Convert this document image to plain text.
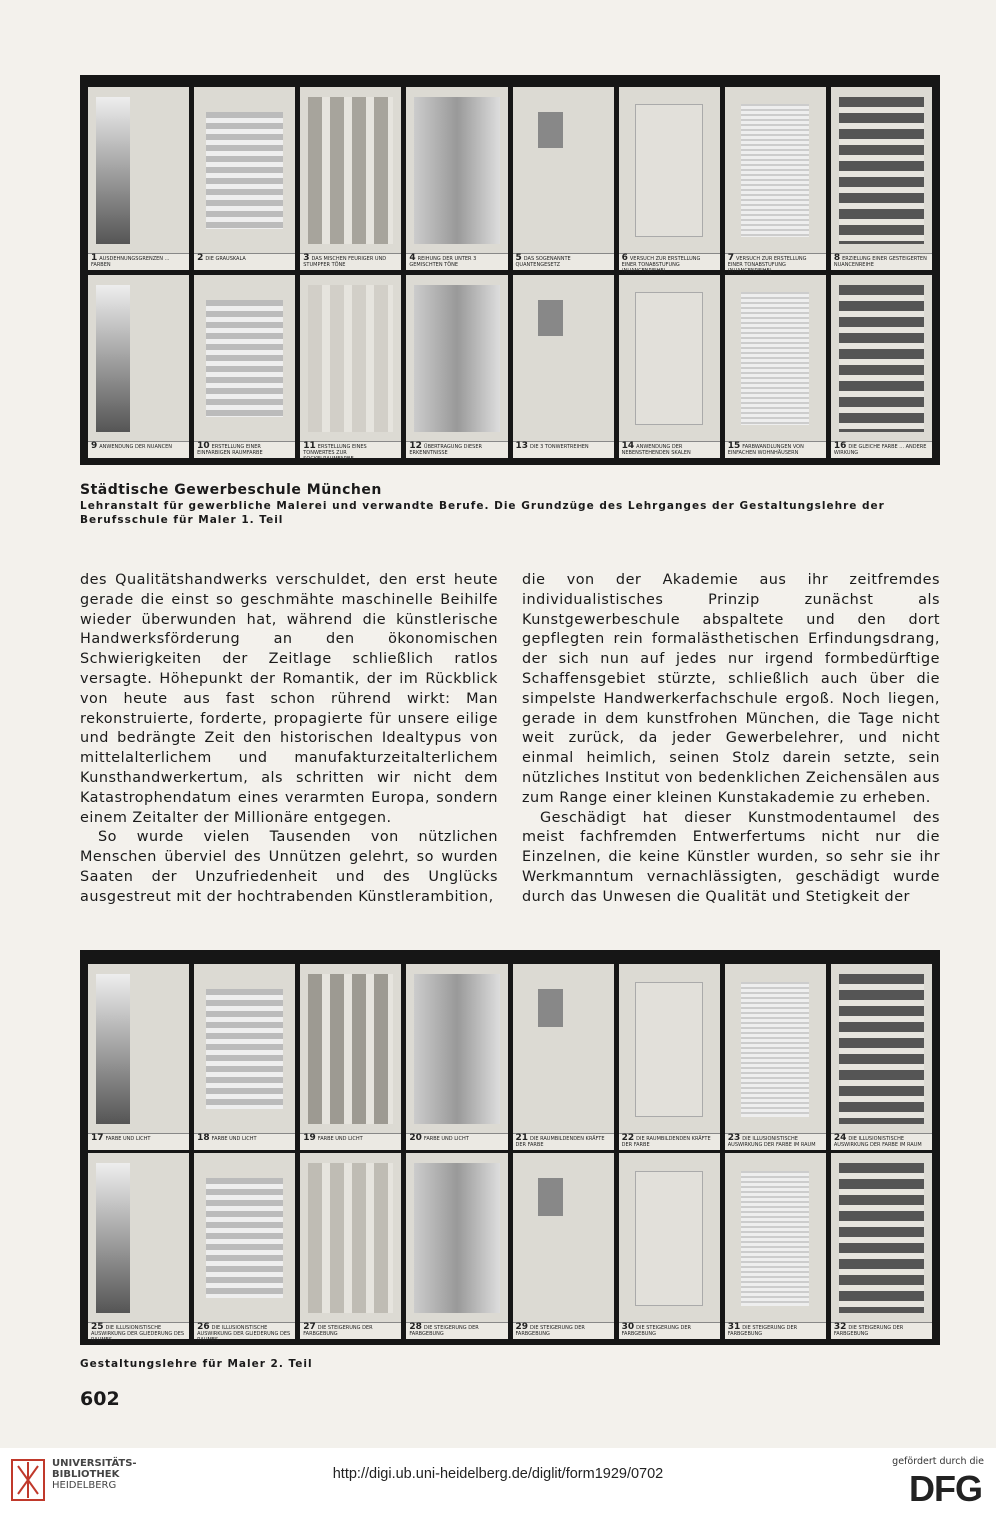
1 AUSDEHNUNGSGRENZEN ... FARBEN
2 DIE GRAUSKALA	3 DAS MISCHEN FEURIGER UND STUMPFER TÖNE
4 REIHUNG DER UNTER 3 GEMISCHTEN TÖNE
5 DAS SOGENANNTE QUANTENGESETZ
6 VERSUCH ZUR ERSTELLUNG EINER TONABSTUFUNG (NUANCENREIHE)
7 VERSUCH ZUR ERSTELLUNG EINER TONABSTUFUNG (NUANCENREIHE)
8 ERZIELUNG EINER GESTEIGERTEN NUANCENREIHE
9 ANWENDUNG DER NUANCEN	10 ERSTELLUNG EINER EINFARBIGEN RAUMFARBE
11 ERSTELLUNG EINES TONWERTES ZUR SOCKELRAUMFARBE
12 ÜBERTRAGUNG DIESER ERKENNTNISSE
13 DIE 3 TONWERTREIHEN	14 ANWENDUNG DER NEBENSTEHENDEN SKALEN
15 FARBWANDLUNGEN VON EINFACHEN WOHNHÄUSERN
16 DIE GLEICHE FARBE ... ANDERE WIRKUNG
Städtische Gewerbeschule München
Lehranstalt für gewerbliche Malerei und verwandte Berufe. Die Grundzüge des Lehrganges der Gestaltungslehre der Berufsschule für Maler 1. Teil

des Qualitätshandwerks verschuldet, den erst heute gerade die einst so geschmähte maschinelle Beihilfe wieder überwunden hat, während die künstlerische Handwerksförderung an den ökonomischen Schwierigkeiten der Zeitlage schließlich ratlos versagte. Höhepunkt der Romantik, der im Rückblick von heute aus fast schon rührend wirkt: Man rekonstruierte, forderte, propagierte für unsere eilige und bedrängte Zeit den historischen Idealtypus von mittelalterlichem und manufakturzeitalterlichem Kunsthandwerkertum, als schritten wir nicht dem Katastrophendatum eines verarmten Europa, sondern einem Zeitalter der Millionäre entgegen.

So wurde vielen Tausenden von nützlichen Menschen überviel des Unnützen gelehrt, so wurden Saaten der Unzufriedenheit und des Unglücks ausgestreut mit der hochtrabenden Künstlerambition,

die von der Akademie aus ihr zeitfremdes individualistisches Prinzip zunächst als Kunstgewerbeschule abspaltete und den dort gepflegten rein formalästhetischen Erfindungsdrang, der sich nun auf jedes nur irgend formbedürftige Schaffensgebiet stürzte, schließlich auch über die simpelste Handwerkerfachschule ergoß. Noch liegen, gerade in dem kunstfrohen München, die Tage nicht weit zurück, da jeder Gewerbelehrer, und nicht einmal heimlich, seinen Stolz darein setzte, sein nützliches Institut von bedenklichen Zeichensälen aus zum Range einer kleinen Kunstakademie zu erheben.

Geschädigt hat dieser Kunstmodentaumel des meist fachfremden Entwerfertums nicht nur die Einzelnen, die keine Künstler wurden, so sehr sie ihr Werkmanntum vernachlässigten, geschädigt wurde durch das Unwesen die Qualität und Stetigkeit der

17 FARBE UND LICHT	18 FARBE UND LICHT	19 FARBE UND LICHT	20 FARBE UND LICHT	21 DIE RAUMBILDENDEN KRÄFTE DER FARBE
22 DIE RAUMBILDENDEN KRÄFTE DER FARBE
23 DIE ILLUSIONISTISCHE AUSWIRKUNG DER FARBE IM RAUM
24 DIE ILLUSIONISTISCHE AUSWIRKUNG DER FARBE IM RAUM
25 DIE ILLUSIONISTISCHE AUSWIRKUNG DER GLIEDERUNG DES RAUMES
26 DIE ILLUSIONISTISCHE AUSWIRKUNG DER GLIEDERUNG DES RAUMES
27 DIE STEIGERUNG DER FARBGEBUNG
28 DIE STEIGERUNG DER FARBGEBUNG
29 DIE STEIGERUNG DER FARBGEBUNG
30 DIE STEIGERUNG DER FARBGEBUNG
31 DIE STEIGERUNG DER FARBGEBUNG
32 DIE STEIGERUNG DER FARBGEBUNG
Gestaltungslehre für Maler 2. Teil
602
UNIVERSITÄTS-
BIBLIOTHEK
HEIDELBERG
http://digi.ub.uni-heidelberg.de/diglit/form1929/0702
gefördert durch die
DFG
